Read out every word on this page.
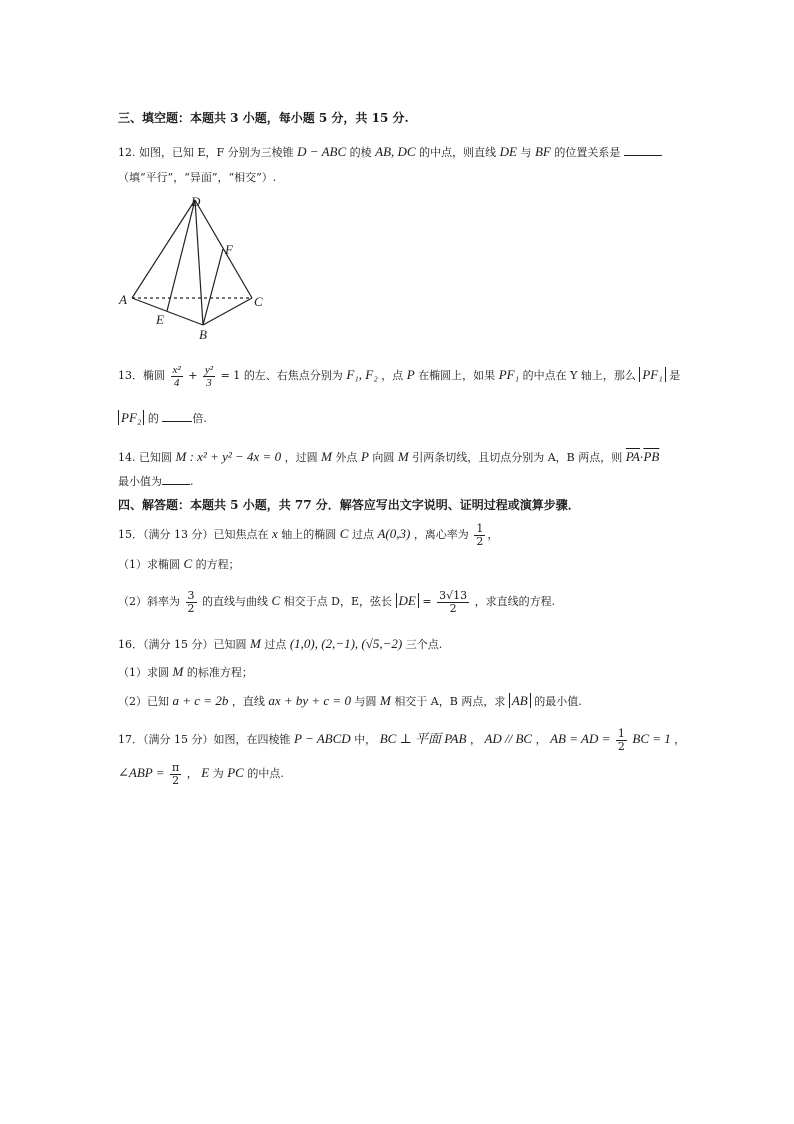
三、填空题：本题共 3 小题，每小题 5 分，共 15 分.
12. 如图，已知 E，F 分别为三棱锥 D − ABC 的棱 AB, DC 的中点，则直线 DE 与 BF 的位置关系是
（填“平行”，“异面”，“相交”）.
D
F
A	C
E
B
13．椭圆 $\frac{\text{x²}}{4} + \frac{\text{y²}}{3} = 1$ 的左、右焦点分别为 F₁, F₂ ，点 P 在椭圆上，如果 PF₁ 的中点在 Y 轴上，那么 PF₁ 是
PF₂ 的	倍.
14. 已知圆 M : x² + y² − 4x = 0 ，过圆 M 外点 P 向圆 M 引两条切线，且切点分别为 A，B 两点，则 $\overline{PA}\cdot\overline{PB}$
最小值为	.
四、解答题：本题共 5 小题，共 77 分．解答应写出文字说明、证明过程或演算步骤．
15．（满分 13 分）已知焦点在 x 轴上的椭圆 C 过点 A(0,3) ，离心率为 $\frac{1}{2}$ ，
（1）求椭圆 C 的方程；
（2）斜率为 $\frac{3}{2}$ 的直线与曲线 C 相交于点 D，E，弦长 DE = $\frac{3√13}{2}$ ，求直线的方程.
16．（满分 15 分）已知圆 M 过点 (1,0), (2,−1), (√5,−2) 三个点.
（1）求圆 M 的标准方程；
（2）已知 a + c = 2b ，直线 ax + by + c = 0 与圆 M 相交于 A，B 两点，求 AB 的最小值.
17．（满分 15 分）如图，在四棱锥 P − ABCD 中， BC ⊥ 平面 PAB ， AD // BC ， AB = AD = $\frac{1}{2}$ BC = 1 ，
∠ABP = $\frac{\pi}{2}$ ， E 为 PC 的中点.
